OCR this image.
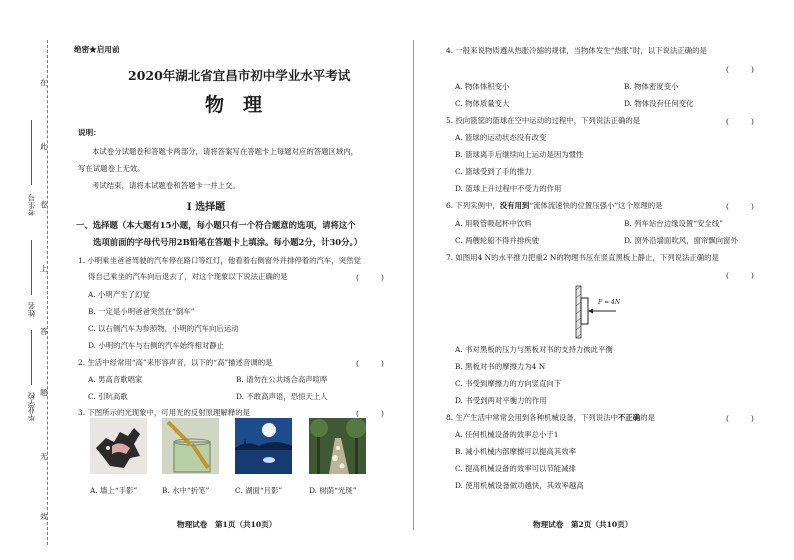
在
此
卷
上
答
题
无
效
考生号
姓名
毕业学校
绝密★启用前
2020年湖北省宜昌市初中学业水平考试
物　理
说明：
本试卷分试题卷和答题卡两部分，请将答案写在答题卡上每题对应的答题区域内，
写在试题卷上无效。
考试结束，请将本试题卷和答题卡一并上交。
Ⅰ 选择题
一、选择题（本大题有15小题，每小题只有一个符合题意的选项，请将这个
选项前面的字母代号用2B铅笔在答题卡上填涂。每小题2分，计30分。）
1. 小明乘坐爸爸驾驶的汽车停在路口等红灯，他看着右侧窗外并排停着的汽车，突然觉
得自己乘坐的汽车向后退去了，对这个现象以下说法正确的是	(　　　)
A. 小明产生了幻觉
B. 一定是小明爸爸突然在“倒车”
C. 以右侧汽车为参照物，小明的汽车向后运动
D. 小明的汽车与右侧的汽车始终相对静止
2. 生活中经常用“高”来形容声音，以下的“高”描述音调的是	(　　　)
A. 男高音歌唱家	B. 请勿在公共场合高声喧哗
C. 引吭高歌	D. 不敢高声语，恐惊天上人
3. 下图所示的光现象中，可用光的反射原理解释的是	(　　　)
A. 墙上“手影”	B. 水中“折笔”	C. 湖面“月影”	D. 树荫“光斑”
物理试卷　第1页（共10页）
4. 一般来说物质遵从热胀冷缩的规律，当物体发生“热胀”时，以下说法正确的是
(　　　)
A. 物体体积变小	B. 物体密度变小
C. 物体质量变大	D. 物体没有任何变化
5. 投向篮筐的篮球在空中运动的过程中，下列说法正确的是	(　　　)
A. 篮球的运动状态没有改变
B. 篮球离手后继续向上运动是因为惯性
C. 篮球受到了手的推力
D. 篮球上升过程中不受力的作用
6. 下列实例中，没有用到“流体流速快的位置压强小”这个原理的是	(　　　)
A. 用吸管吸起杯中饮料	B. 列车站台边缘设置“安全线”
C. 两艘轮船不得并排疾驶	D. 窗外沿墙面吹风，窗帘飘向窗外
7. 如图用4 N的水平推力把重2 N的物理书压在竖直黑板上静止，下列说法正确的是
(　　　)
F = 4N
A. 书对黑板的压力与黑板对书的支持力彼此平衡
B. 黑板对书的摩擦力为4 N
C. 书受到摩擦力的方向竖直向下
D. 书受到两对平衡力的作用
8. 生产生活中常常会用到各种机械设备，下列说法中不正确的是	(　　　)
A. 任何机械设备的效率总小于1
B. 减小机械内部摩擦可以提高其效率
C. 提高机械设备的效率可以节能减排
D. 使用机械设备做功越快，其效率越高
物理试卷　第2页（共10页）
